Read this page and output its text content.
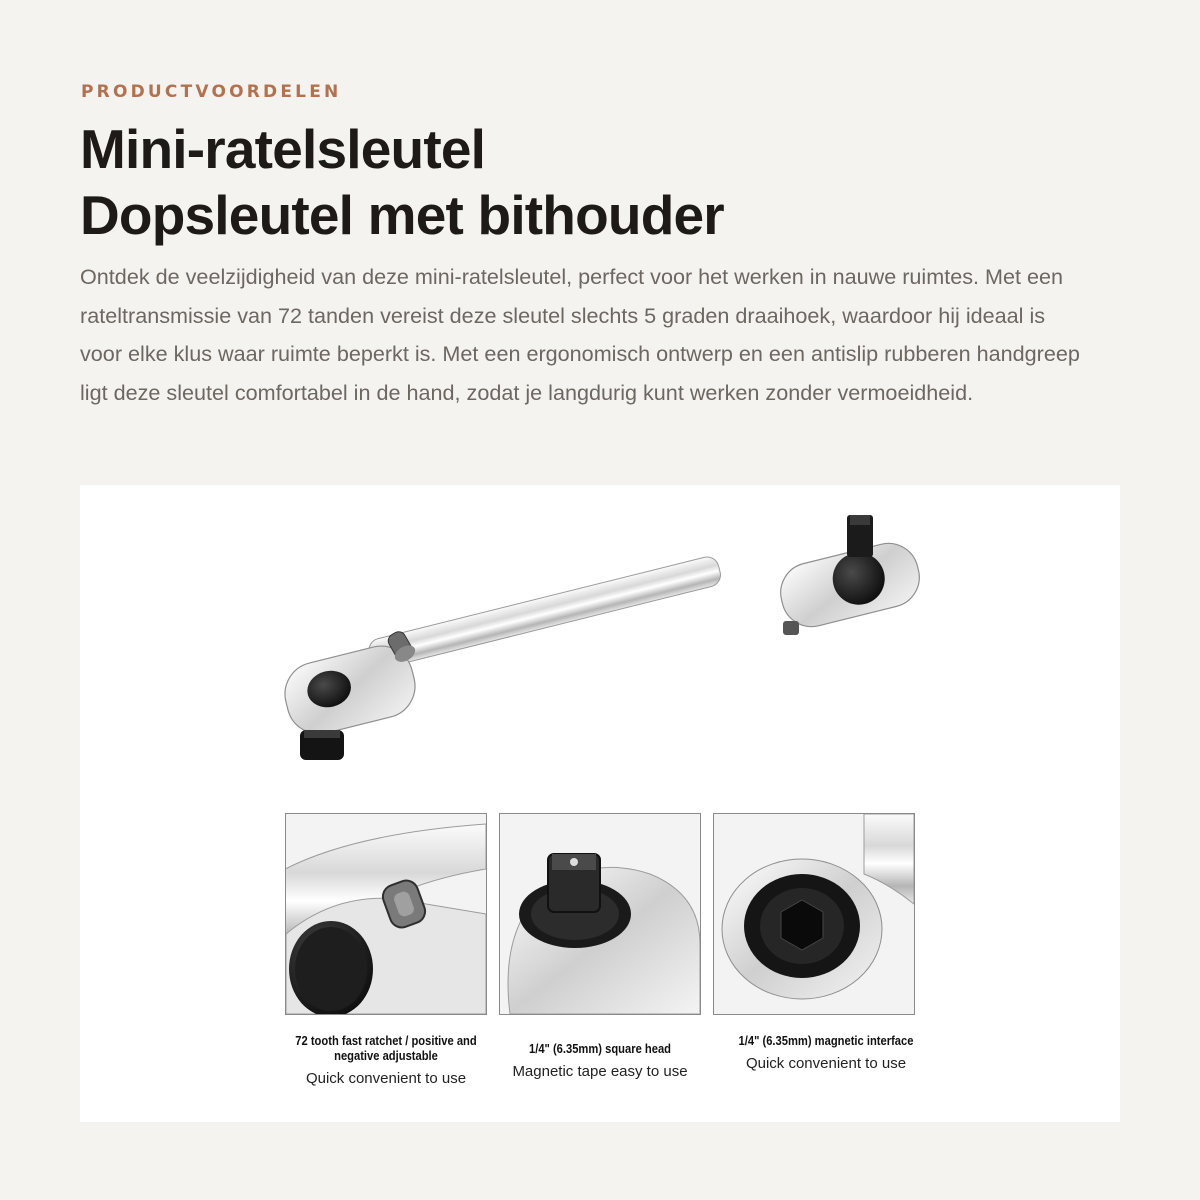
PRODUCTVOORDELEN
Mini-ratelsleutel
Dopsleutel met bithouder

Ontdek de veelzijdigheid van deze mini-ratelsleutel, perfect voor het werken in nauwe ruimtes. Met een rateltransmissie van 72 tanden vereist deze sleutel slechts 5 graden draaihoek, waardoor hij ideaal is voor elke klus waar ruimte beperkt is. Met een ergonomisch ontwerp en een antislip rubberen handgreep ligt deze sleutel comfortabel in de hand, zodat je langdurig kunt werken zonder vermoeidheid.

72 tooth fast ratchet / positive and negative adjustable
Quick convenient to use
1/4" (6.35mm) square head
Magnetic tape easy to use
1/4" (6.35mm) magnetic interface
Quick convenient to use
